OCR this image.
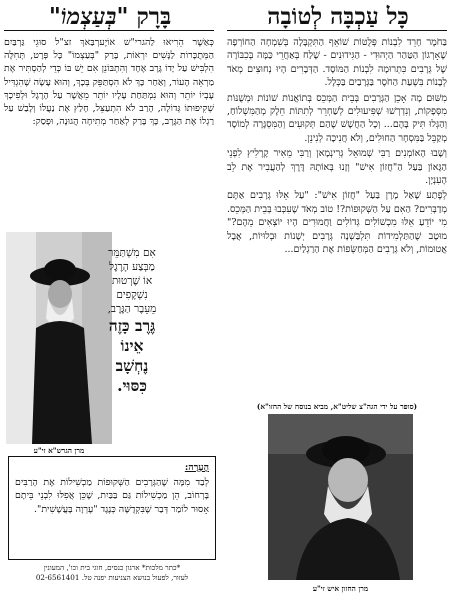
כָּל עַכְבָּה לְטוֹבָה

בַּחֹמֶר חָרֵד לִבְנוֹת פְּלֻטּוֹת שׁוֹאֵף הַתִּקְבָּלָה בְּשִׁמְחָה הַחוֹרְפָה שֶׁאָרְגוֹן הַטַּהַר הַיְהוּדִי - הַגִּידוּנִים - שָׁלַח בְּאַחֲרֵי כַּמָּה בְּכִבּוֹרָה שֶׁל גְּרָבִים כִּתְרוּמָה לִבְנוֹת הַמּוֹסָד. הַדְּבָרִים הָיוּ נְחוּצִים מְאֹד לְבָנוֹת בִּשְׁעַת הַחֹסֶר בַּגְּרָבַיִם בַּכְּלָל.

מִשּׁוּם מָה אָכֵן הַגְּרָבִים בְּבֵית הַמְּכֵס בְּתוֹאֲנוֹת שׁוֹנוֹת וּמְשֻׁנּוֹת מִסְּפָקוֹת, וְנִדְרְשׁוּ שְׁפִּיעוּלִים לְשַׁחְרֵר לְתִתּוֹת חֵלֶק מְהַמִּשְׁלוֹחַ, וְהַגְּלוּ תִּיק בָּהֶם... וְכָל הַחֲשָׁשׁ שֶׁהַם תְּקוּעִים וְהַמִּסְגָּרָה לְמוֹסָד מְקַבֵּל בַּמִּסְחָר הַחוּלִים, וְלֹא חֲנִיכָה לְנִינֵן.

וְשָׁבוּ הָאוֹמְנִים רַבִּי שְׁמוּאֵל גְּרִינְמָאן וְרַבִּי מֵאִיר קָרֶלִיץ לִפְנֵי הַגָּאוֹן בַּעַל הַ"חֲזוֹן אִישׁ" וְזָנוּ בְּאוֹתָהּ דֶּרֶךְ לְהַעֲבִיר אֶת לֵב הָעִנְיָן.

לְפֶתַע שָׁאַל מָרָן בַּעַל "חֲזוֹן אִישׁ": "עַל אֵלּוּ גְּרָבִים אַתֶּם מְדַבְּרִים? הַאִם עַל הַשְּׁקוּפוֹת?! טוֹב מְאֹד שֶׁעִכְּבוּ בְּבֵית הַמְּכֵס. מִי יוֹדֵעַ אֵלּוּ מִכְשׁוֹלִים גְּדוֹלִים וַחֲמוּרִים הָיוּ יוֹצְאִים מֵהֶם?" מוּטָב שֶׁהַתַּלְמִידוֹת תִּלְבַּשְׁנָה גְּרָבִים יְשָׁנוֹת וּבְלוּיוֹת, אֲבָל אֲטוּמוֹת, וְלֹא גְּרָבִים הַמְּחַשְּׂפוֹת אֶת הַרַגְלַיִם...

(סופר על ידי הגה"צ שליט"א, מביא בנוסח של החזו"א)
מרן החזון איש זי"ע
בָּרָק "בְּעַצְמוֹ"

כְּאַשֶׁר הֵרִיאוּ לַהגרי"ש אוֹיֶערְבַּאךְ זצ"ל סוּגֵי גַּרְבַּיִם הַמְּתֻכָּרוֹת לַנָּשִׁים יִרְאוֹת, בָּרַק "בְּעַצְמוֹ" כָּל פְּרָט, תְּחִלָּה הִלְבִּישׁ עַל יָדוֹ גֶּרֶב אֶחָד וְהִתְבּוֹנֵן אִם יֵשׁ בּוֹ כְּדֵי לְהַסְתִּיר אֶת מַרְאֵה הָעוֹר, וְאַחַר כָּךְ לֹא הִסְתַּפֵּק בְּכָךְ, וְהוּא עָשָׂה שֶׁהִגְדִּיל עָבְיוֹ יוֹתֵר וְהוּא נִמְתַּחַת עָלָיו יוֹתֵר מֵאֲשֶׁר עַל הָרֶגֶל וּלְפִיכָךְ שְׁקִיפוּתוֹ גְּדוֹלָה, הָרַב לֹא הִתְעַצֵּל, חָלַץ אֶת נַעֲלוֹ וְלָבַשׁ עַל רַגְלוֹ אֶת הַגֶּרֶב, כָּךְ בָּרַק לְאַחַר מְתִיחָה הֲגוּנָה, וּפָסַק:

מרן הגרש"א זי"ע
אִם מִשְׁתַּמֵּר
מַבְּצַע הָרֶגֶל
אוֹ שֶׁרְטוּת
נִשְׁקָפִים
מֵעֵבֶר הַגֶּרֶב,
גֶּרֶב כָּזֶה
אֵינוֹ
נֶחְשָׁב
כִּסּוּי.
הֶעָרָה:
לְבַד מִמָּה שֶׁהַגְּרָבִים הַשְּׁקוּפוֹת מַכְשִׁילוֹת אֶת הָרַבִּים בָּרְחוֹב, הֵן מַכְשִׁילוֹת גַּם בַּבַּיִת, שֶׁכֵּן אֲפִלּוּ לִבְנֵי בֵּיתָם אָסוּר לוֹמַר דְּבַר שֶׁבִּקְדֻשָּׁה כְּנֶגֶד "עֶרְוָה בָּעֲשָׁשִׁית".
*כתר מלכות* ארגון כנסים, חוגי בית וכו', המעונין
לעזור, לפעול בנושא הצניעות יפנה טל. 02-6561401
